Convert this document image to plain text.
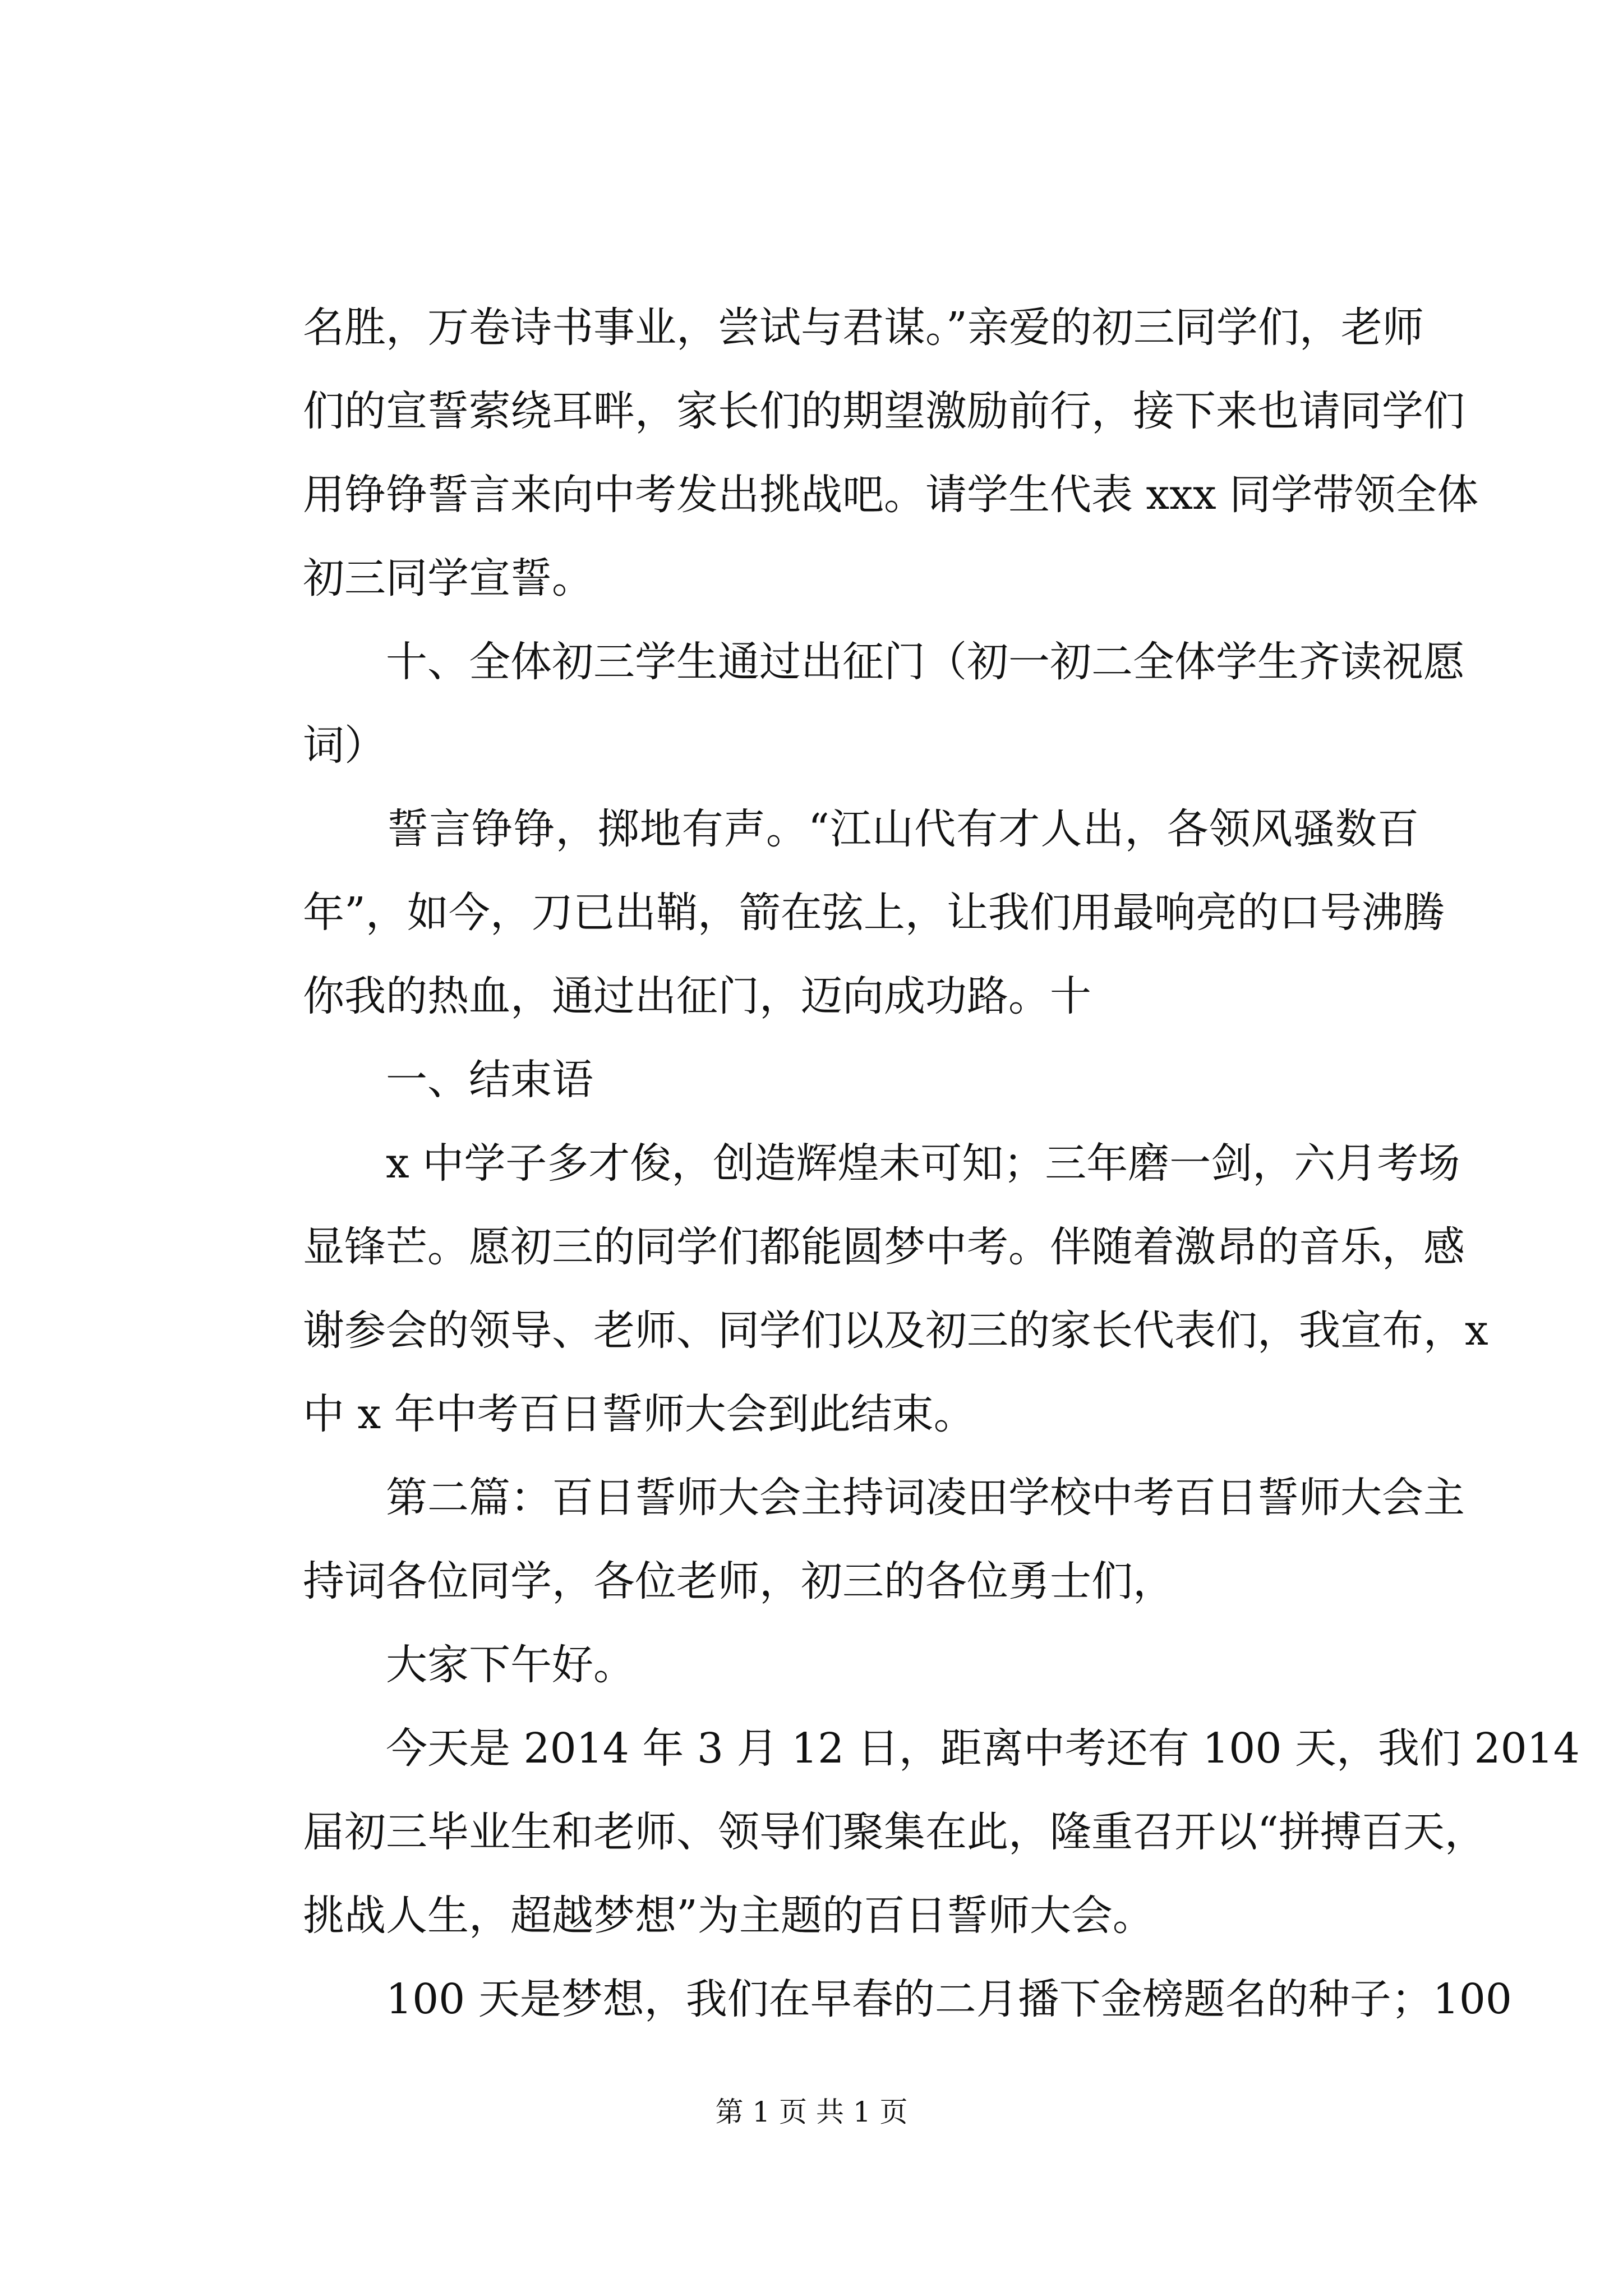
名胜，万卷诗书事业，尝试与君谋。”亲爱的初三同学们，老师
们的宣誓萦绕耳畔，家长们的期望激励前行，接下来也请同学们
用铮铮誓言来向中考发出挑战吧。请学生代表 xxx 同学带领全体
初三同学宣誓。
　　十、全体初三学生通过出征门（初一初二全体学生齐读祝愿
词）
　　誓言铮铮，掷地有声。“江山代有才人出，各领风骚数百
年”，如今，刀已出鞘，箭在弦上，让我们用最响亮的口号沸腾
你我的热血，通过出征门，迈向成功路。十
　　一、结束语
　　x 中学子多才俊，创造辉煌未可知；三年磨一剑，六月考场
显锋芒。愿初三的同学们都能圆梦中考。伴随着激昂的音乐，感
谢参会的领导、老师、同学们以及初三的家长代表们，我宣布，x
中 x 年中考百日誓师大会到此结束。
　　第二篇：百日誓师大会主持词凌田学校中考百日誓师大会主
持词各位同学，各位老师，初三的各位勇士们，
　　大家下午好。
　　今天是 2014 年 3 月 12 日，距离中考还有 100 天，我们 2014
届初三毕业生和老师、领导们聚集在此，隆重召开以“拼搏百天，
挑战人生，超越梦想”为主题的百日誓师大会。
　　100 天是梦想，我们在早春的二月播下金榜题名的种子；100
第 1 页 共 1 页
